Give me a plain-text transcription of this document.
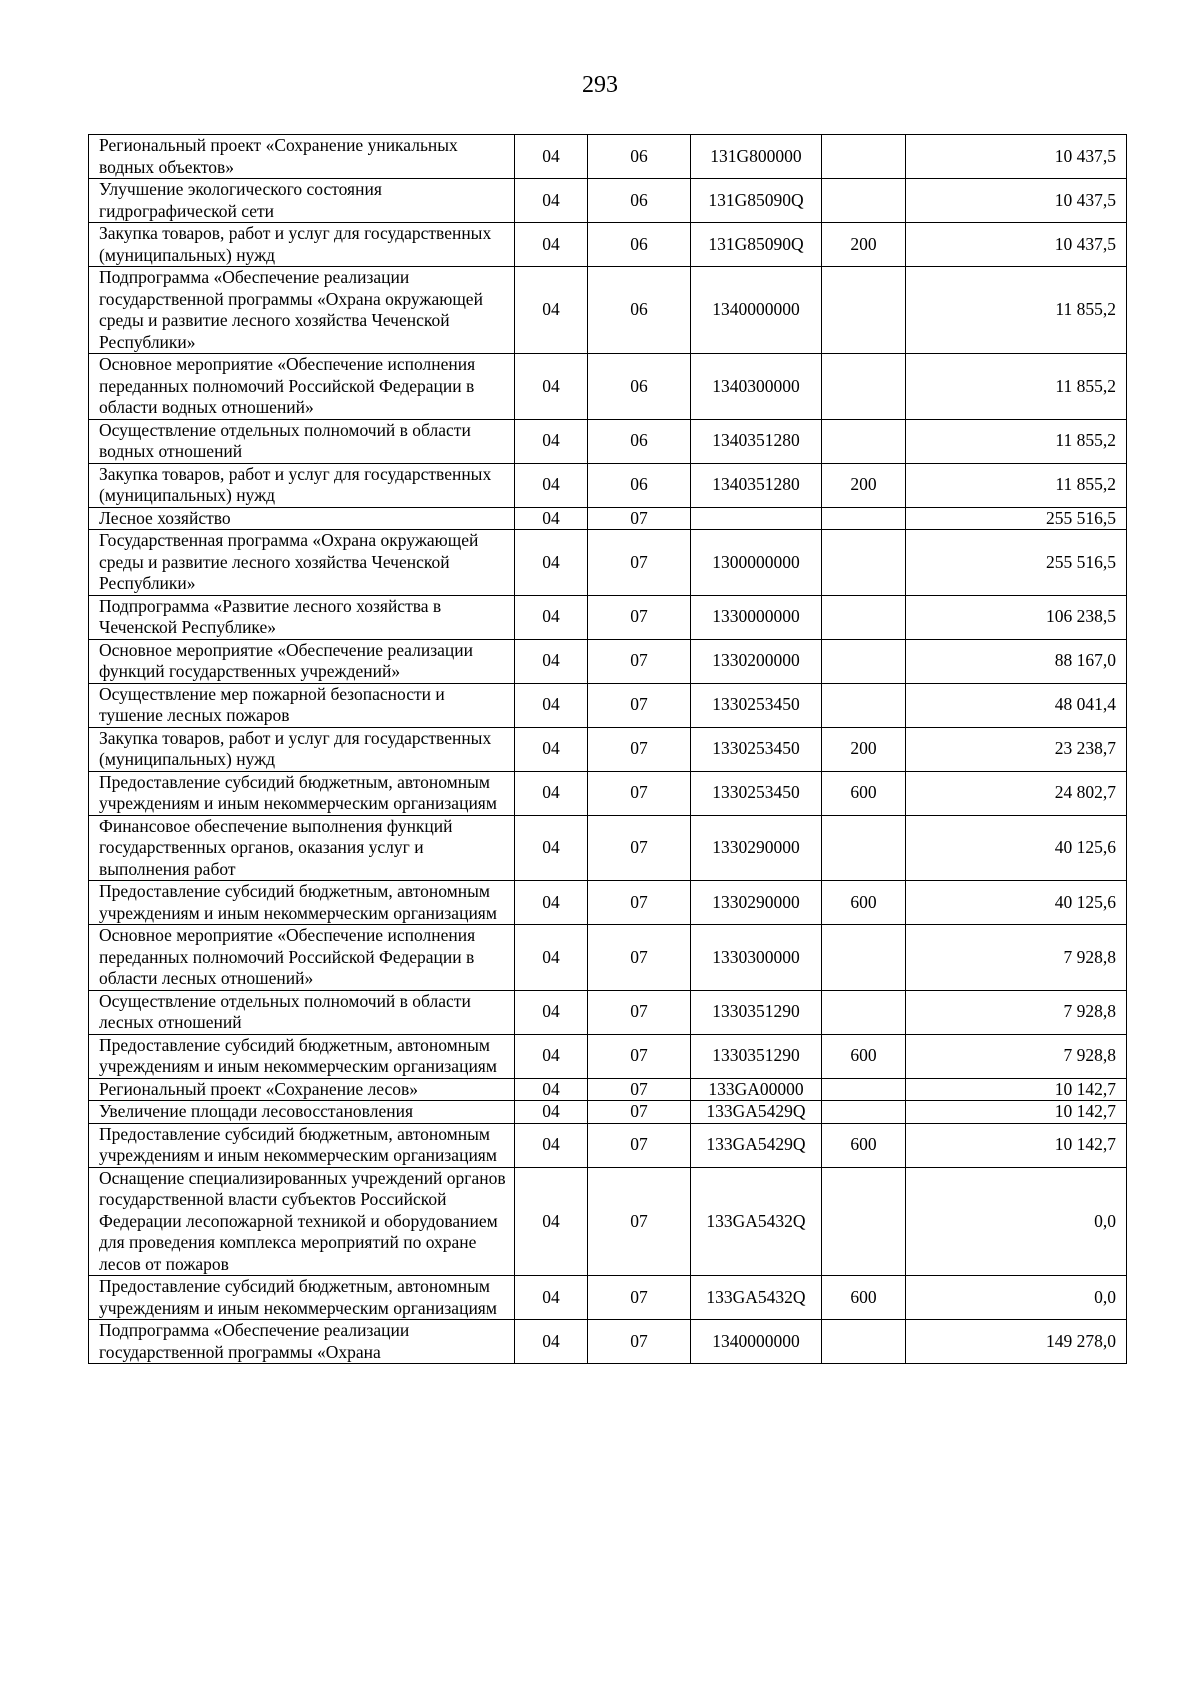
293
Региональный проект «Сохранение уникальных водных объектов»	04	06	131G800000		10 437,5
Улучшение экологического состояния гидрографической сети	04	06	131G85090Q		10 437,5
Закупка товаров, работ и услуг для государственных (муниципальных) нужд	04	06	131G85090Q	200	10 437,5
Подпрограмма «Обеспечение реализации государственной программы «Охрана окружающей среды и развитие лесного хозяйства Чеченской Республики»	04	06	1340000000		11 855,2
Основное мероприятие «Обеспечение исполнения переданных полномочий Российской Федерации в области водных отношений»	04	06	1340300000		11 855,2
Осуществление отдельных полномочий в области водных отношений	04	06	1340351280		11 855,2
Закупка товаров, работ и услуг для государственных (муниципальных) нужд	04	06	1340351280	200	11 855,2
Лесное хозяйство	04	07			255 516,5
Государственная программа «Охрана окружающей среды и развитие лесного хозяйства Чеченской Республики»	04	07	1300000000		255 516,5
Подпрограмма «Развитие лесного хозяйства в Чеченской Республике»	04	07	1330000000		106 238,5
Основное мероприятие «Обеспечение реализации функций государственных учреждений»	04	07	1330200000		88 167,0
Осуществление мер пожарной безопасности и тушение лесных пожаров	04	07	1330253450		48 041,4
Закупка товаров, работ и услуг для государственных (муниципальных) нужд	04	07	1330253450	200	23 238,7
Предоставление субсидий бюджетным, автономным учреждениям и иным некоммерческим организациям	04	07	1330253450	600	24 802,7
Финансовое обеспечение выполнения функций государственных органов, оказания услуг и выполнения работ	04	07	1330290000		40 125,6
Предоставление субсидий бюджетным, автономным учреждениям и иным некоммерческим организациям	04	07	1330290000	600	40 125,6
Основное мероприятие «Обеспечение исполнения переданных полномочий Российской Федерации в области лесных отношений»	04	07	1330300000		7 928,8
Осуществление отдельных полномочий в области лесных отношений	04	07	1330351290		7 928,8
Предоставление субсидий бюджетным, автономным учреждениям и иным некоммерческим организациям	04	07	1330351290	600	7 928,8
Региональный проект «Сохранение лесов»	04	07	133GA00000		10 142,7
Увеличение площади лесовосстановления	04	07	133GA5429Q		10 142,7
Предоставление субсидий бюджетным, автономным учреждениям и иным некоммерческим организациям	04	07	133GA5429Q	600	10 142,7
Оснащение специализированных учреждений органов государственной власти субъектов Российской Федерации лесопожарной техникой и оборудованием для проведения комплекса мероприятий по охране лесов от пожаров	04	07	133GA5432Q		0,0
Предоставление субсидий бюджетным, автономным учреждениям и иным некоммерческим организациям	04	07	133GA5432Q	600	0,0
Подпрограмма «Обеспечение реализации государственной программы «Охрана	04	07	1340000000		149 278,0
